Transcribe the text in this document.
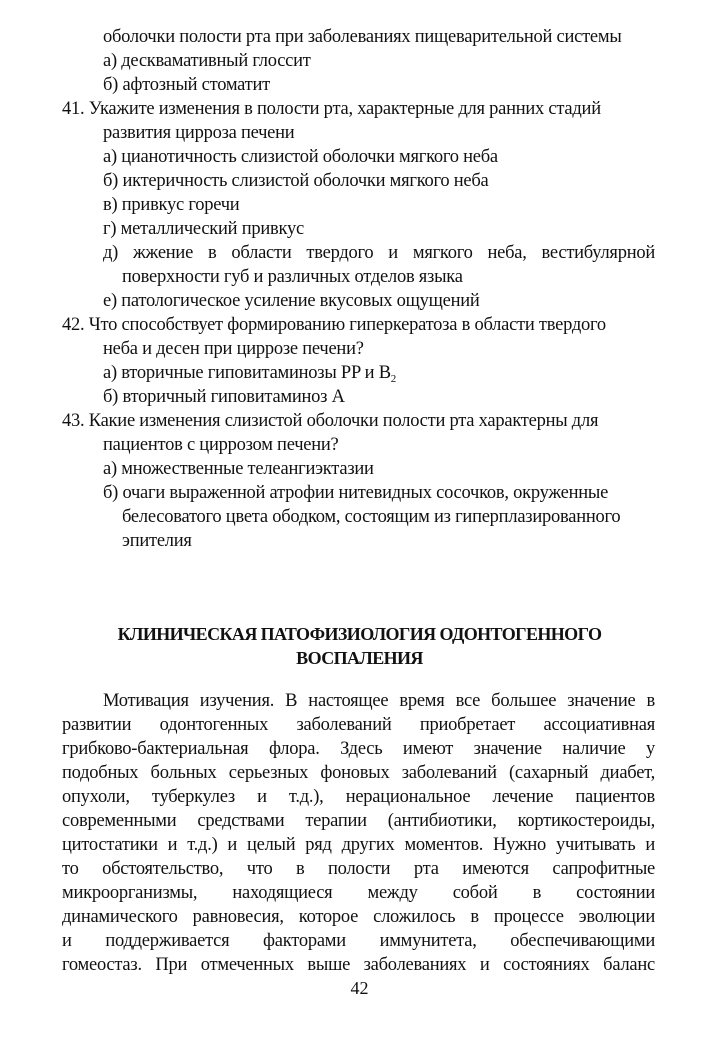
оболочки полости рта при заболеваниях пищеварительной системы
а) десквамативный глоссит
б) афтозный стоматит
41. Укажите изменения в полости рта, характерные для ранних стадий
развития цирроза печени
а) цианотичность слизистой оболочки мягкого неба
б) иктеричность слизистой оболочки мягкого неба
в) привкус горечи
г) металлический привкус
д) жжение в области твердого и мягкого неба, вестибулярной
поверхности губ и различных отделов языка
е) патологическое усиление вкусовых ощущений
42. Что способствует формированию гиперкератоза в области твердого
неба и десен при циррозе печени?
а) вторичные гиповитаминозы PP и $B_2$
б) вторичный гиповитаминоз А
43. Какие изменения слизистой оболочки полости рта характерны для
пациентов с циррозом печени?
а) множественные телеангиэктазии
б) очаги выраженной атрофии нитевидных сосочков, окруженные
белесоватого цвета ободком, состоящим из гиперплазированного
эпителия
КЛИНИЧЕСКАЯ ПАТОФИЗИОЛОГИЯ ОДОНТОГЕННОГО
ВОСПАЛЕНИЯ
Мотивация изучения. В настоящее время все большее значение в
развитии одонтогенных заболеваний приобретает ассоциативная
грибково-бактериальная флора. Здесь имеют значение наличие у
подобных больных серьезных фоновых заболеваний (сахарный диабет,
опухоли, туберкулез и т.д.), нерациональное лечение пациентов
современными средствами терапии (антибиотики, кортикостероиды,
цитостатики и т.д.) и целый ряд других моментов. Нужно учитывать и
то обстоятельство, что в полости рта имеются сапрофитные
микроорганизмы, находящиеся между собой в состоянии
динамического равновесия, которое сложилось в процессе эволюции
и поддерживается факторами иммунитета, обеспечивающими
гомеостаз. При отмеченных выше заболеваниях и состояниях баланс
42
